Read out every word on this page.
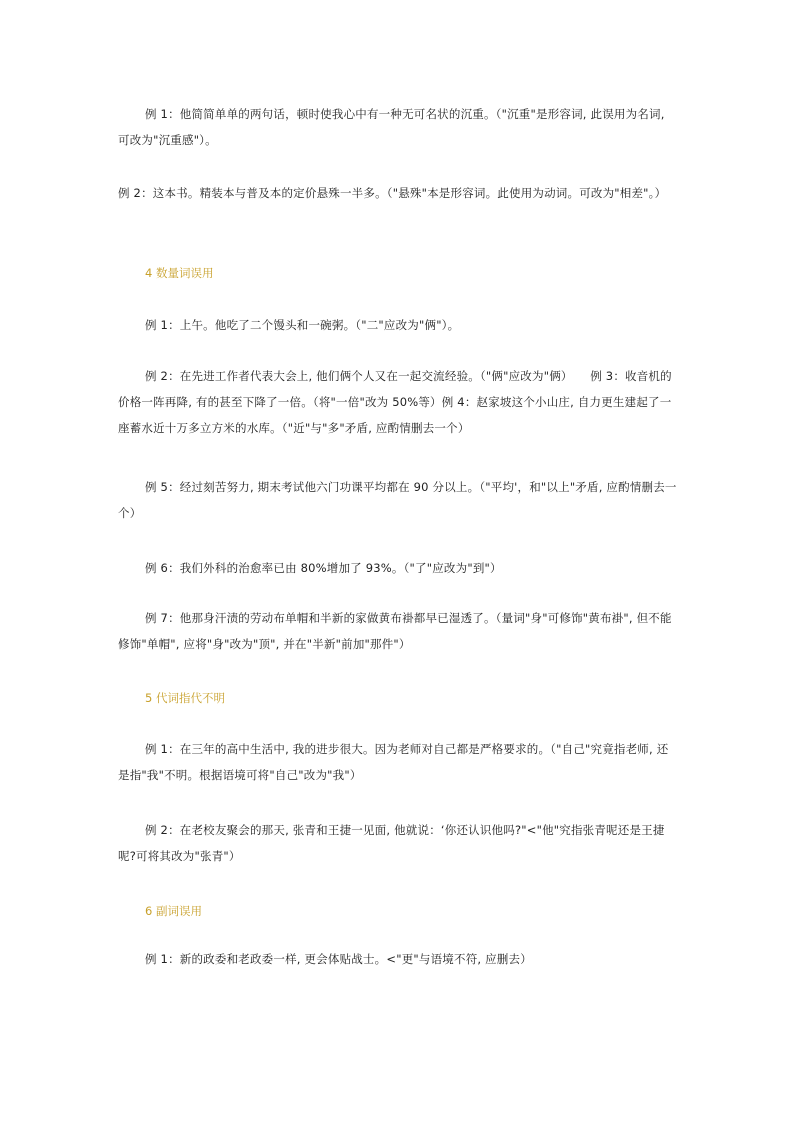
例 1：他简简单单的两句话，顿时使我心中有一种无可名状的沉重。（"沉重"是形容词, 此误用为名词, 可改为"沉重感"）。

例 2：这本书。精装本与普及本的定价悬殊一半多。（"悬殊"本是形容词。此使用为动词。可改为"相差"。）

4 数量词误用

例 1：上午。他吃了二个馒头和一碗粥。（"二"应改为"俩"）。

例 2：在先进工作者代表大会上, 他们俩个人又在一起交流经验。（"俩"应改为"俩）　　例 3：收音机的价格一阵再降, 有的甚至下降了一倍。（将"一倍"改为 50%等）例 4：赵家坡这个小山庄, 自力更生建起了一座蓄水近十万多立方米的水库。（"近"与"多"矛盾, 应酌情删去一个）

例 5：经过刻苦努力, 期末考试他六门功课平均都在 90 分以上。（"平均'，和"以上"矛盾, 应酌情删去一个）

例 6：我们外科的治愈率已由 80%增加了 93%。（"了"应改为"到"）

例 7：他那身汗渍的劳动布单帽和半新的家做黄布褂都早已湿透了。（量词"身"可修饰"黄布褂", 但不能修饰"单帽", 应将"身"改为"顶", 并在"半新"前加"那件"）

5 代词指代不明

例 1：在三年的高中生活中, 我的进步很大。因为老师对自己都是严格要求的。（"自己"究竟指老师, 还是指"我"不明。根据语境可将"自己"改为"我"）

例 2：在老校友聚会的那天, 张青和王捷一见面, 他就说：‘你还认识他吗?"<"他"究指张青呢还是王捷呢?可将其改为"张青"）

6 副词误用

例 1：新的政委和老政委一样, 更会体贴战士。<"更"与语境不符, 应删去）
